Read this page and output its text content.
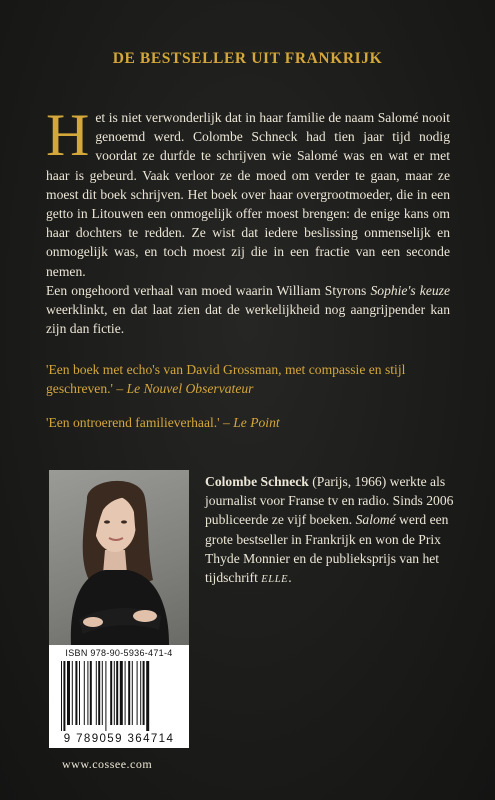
DE BESTSELLER UIT FRANKRIJK

Het is niet verwonderlijk dat in haar familie de naam Salomé nooit genoemd werd. Colombe Schneck had tien jaar tijd nodig voordat ze durfde te schrijven wie Salomé was en wat er met haar is gebeurd. Vaak verloor ze de moed om verder te gaan, maar ze moest dit boek schrijven. Het boek over haar overgrootmoeder, die in een getto in Litouwen een onmogelijk offer moest brengen: de enige kans om haar dochters te redden. Ze wist dat iedere beslissing onmenselijk en onmogelijk was, en toch moest zij die in een fractie van een seconde nemen.

Een ongehoord verhaal van moed waarin William Styrons Sophie's keuze weerklinkt, en dat laat zien dat de werkelijkheid nog aangrijpender kan zijn dan fictie.

'Een boek met echo's van David Grossman, met compassie en stijl geschreven.' – Le Nouvel Observateur
'Een ontroerend familieverhaal.' – Le Point
Colombe Schneck (Parijs, 1966) werkte als journalist voor Franse tv en radio. Sinds 2006 publiceerde ze vijf boeken. Salomé werd een grote bestseller in Frankrijk en won de Prix Thyde Monnier en de publieksprijs van het tijdschrift ELLE.
ISBN 978-90-5936-471-4
9 789059 364714
www.cossee.com
